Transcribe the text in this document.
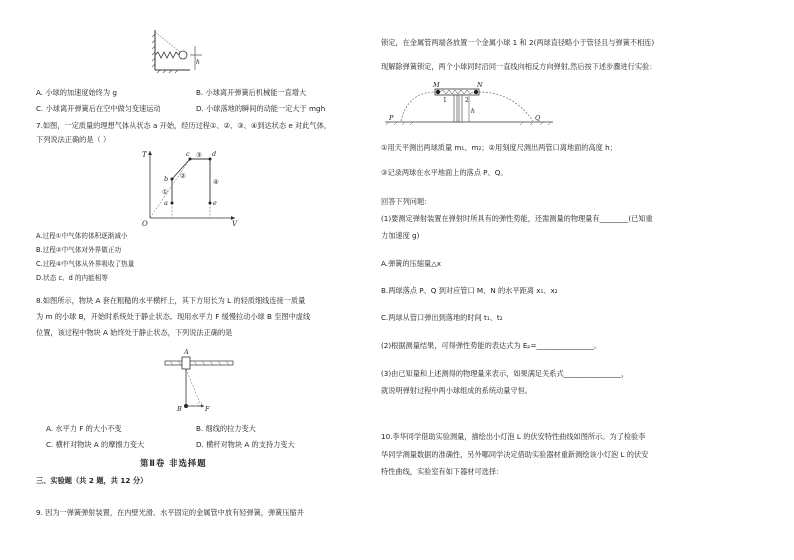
h
A. 小球的加速度始终为 g	B. 小球离开弹簧后机械能一直增大
C. 小球离开弹簧后在空中做匀变速运动	D. 小球落地的瞬间的动能一定大于 mgh
7.如图，一定质量的理想气体从状态 a 开始，经历过程①、②、③、④到达状态 e 对此气体，
下列说法正确的是（ ）
T
V
O
a
b
c	d
e
①
②
③
④
A.过程①中气体的体积逐渐减小
B.过程②中气体对外界做正功
C.过程④中气体从外界吸收了热量
D.状态 c、d 的内能相等
8.如图所示，物块 A 套在粗糙的水平横杆上，其下方用长为 L 的轻质细线连接一质量
为 m 的小球 B，开始时系统处于静止状态。现用水平力 F 缓慢拉动小球 B 至图中虚线
位置，该过程中物块 A 始终处于静止状态，下列说法正确的是
A
B	F
A. 水平力 F 的大小不变	B. 细线的拉力变大
C. 横杆对物块 A 的摩擦力变大	D. 横杆对物块 A 的支持力变大
第Ⅱ卷 非选择题
三、实验题（共 2 题，共 12 分）
9. 因为一弹簧弹射装置，在内壁光滑、水平固定的金属管中放有轻弹簧，弹簧压缩并
锁定，在金属管两端各放置一个金属小球 1 和 2(两球直径略小于管径且与弹簧不相连)
现解除弹簧锁定，两个小球同时沿同一直线向相反方向弹射,然后按下述步骤进行实验：
M	N
1	2
h
P	Q
①用天平测出两球质量 m₁、m₂；②用刻度尺测出两管口离地面的高度 h；
③记录两球在水平地面上的落点 P、Q。
回答下列问题：
(1)要测定弹射装置在弹射时所具有的弹性势能，还需测量的物理量有________(已知重
力加速度 g)
A.弹簧的压缩量△x
B.两球落点 P、Q 到对应管口 M、N 的水平距离 x₁、x₂
C.两球从管口弹出到落地的时间 t₁、t₂
(2)根据测量结果，可得弹性势能的表达式为 Eₚ=________________。
(3)由已知量和上述测得的物理量来表示，如果满足关系式________________，
就说明弹射过程中两小球组成的系统动量守恒。
10.李华同学借助实验测量，描绘出小灯泡 L 的伏安特性曲线如图所示。为了检验李
华同学测量数据的准确性，另外哪同学决定借助实验器材重新测绘该小灯泡 L 的伏安
特性曲线，实验室有如下器材可选择：
